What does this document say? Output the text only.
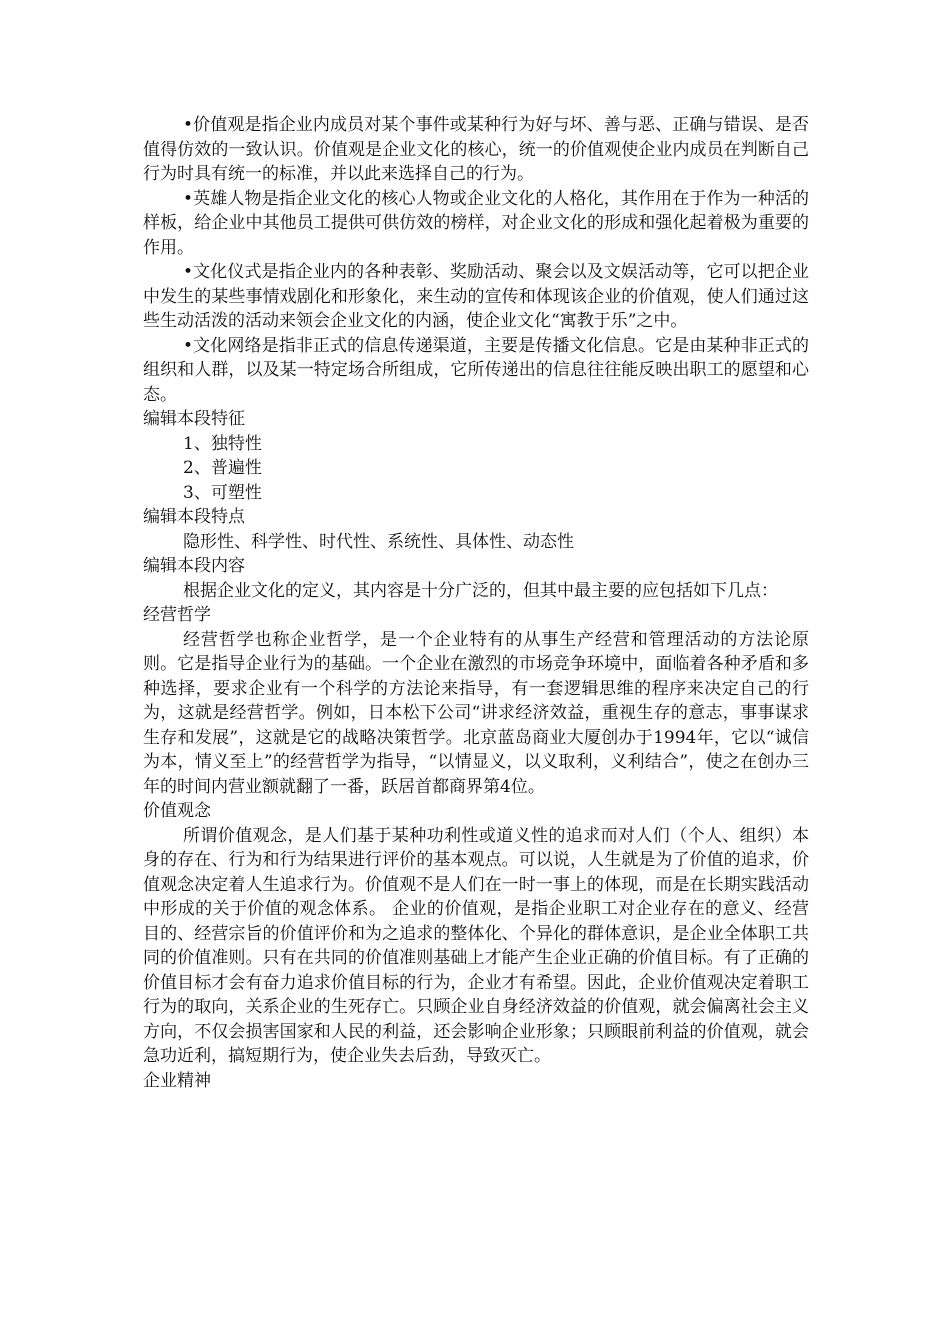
•价值观是指企业内成员对某个事件或某种行为好与坏、善与恶、正确与错误、是否值得仿效的一致认识。价值观是企业文化的核心，统一的价值观使企业内成员在判断自己行为时具有统一的标准，并以此来选择自己的行为。

•英雄人物是指企业文化的核心人物或企业文化的人格化，其作用在于作为一种活的样板，给企业中其他员工提供可供仿效的榜样，对企业文化的形成和强化起着极为重要的作用。

•文化仪式是指企业内的各种表彰、奖励活动、聚会以及文娱活动等，它可以把企业中发生的某些事情戏剧化和形象化，来生动的宣传和体现该企业的价值观，使人们通过这些生动活泼的活动来领会企业文化的内涵，使企业文化“寓教于乐”之中。

•文化网络是指非正式的信息传递渠道，主要是传播文化信息。它是由某种非正式的组织和人群，以及某一特定场合所组成，它所传递出的信息往往能反映出职工的愿望和心态。

编辑本段特征

1、独特性

2、普遍性

3、可塑性

编辑本段特点

隐形性、科学性、时代性、系统性、具体性、动态性

编辑本段内容

根据企业文化的定义，其内容是十分广泛的，但其中最主要的应包括如下几点：

经营哲学

经营哲学也称企业哲学，是一个企业特有的从事生产经营和管理活动的方法论原则。它是指导企业行为的基础。一个企业在激烈的市场竞争环境中，面临着各种矛盾和多种选择，要求企业有一个科学的方法论来指导，有一套逻辑思维的程序来决定自己的行为，这就是经营哲学。例如，日本松下公司“讲求经济效益，重视生存的意志，事事谋求生存和发展”，这就是它的战略决策哲学。北京蓝岛商业大厦创办于1994年，它以“诚信为本，情义至上”的经营哲学为指导，“以情显义，以义取利，义利结合”，使之在创办三年的时间内营业额就翻了一番，跃居首都商界第4位。

价值观念

所谓价值观念，是人们基于某种功利性或道义性的追求而对人们（个人、组织）本身的存在、行为和行为结果进行评价的基本观点。可以说，人生就是为了价值的追求，价值观念决定着人生追求行为。价值观不是人们在一时一事上的体现，而是在长期实践活动中形成的关于价值的观念体系。 企业的价值观，是指企业职工对企业存在的意义、经营目的、经营宗旨的价值评价和为之追求的整体化、个异化的群体意识，是企业全体职工共同的价值准则。只有在共同的价值准则基础上才能产生企业正确的价值目标。有了正确的价值目标才会有奋力追求价值目标的行为，企业才有希望。因此，企业价值观决定着职工行为的取向，关系企业的生死存亡。只顾企业自身经济效益的价值观，就会偏离社会主义方向，不仅会损害国家和人民的利益，还会影响企业形象；只顾眼前利益的价值观，就会急功近利，搞短期行为，使企业失去后劲，导致灭亡。

企业精神
